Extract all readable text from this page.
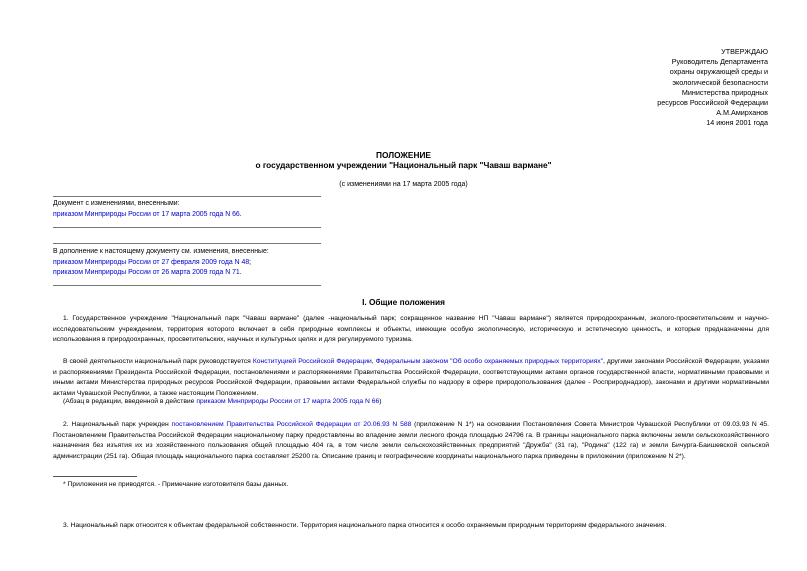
УТВЕРЖДАЮ
Руководитель Департамента
охраны окружающей среды и
экологической безопасности
Министерства природных
ресурсов Российской Федерации
А.М.Амирханов
14 июня 2001 года
ПОЛОЖЕНИЕ
о государственном учреждении "Национальный парк "Чаваш вармане"
(с изменениями на 17 марта 2005 года)
Документ с изменениями, внесенными:
приказом Минприроды России от 17 марта 2005 года N 66.
В дополнение к настоящему документу см. изменения, внесенные:
приказом Минприроды России от 27 февраля 2009 года N 48;
приказом Минприроды России от 26 марта 2009 года N 71.
I. Общие положения
1. Государственное учреждение "Национальный парк "Чаваш вармане" (далее -национальный парк; сокращенное название НП "Чаваш вармане") является природоохранным, эколого-просветительским и научно-исследовательским учреждением, территория которого включает в себя природные комплексы и объекты, имеющие особую экологическую, историческую и эстетическую ценность, и которые предназначены для использования в природоохранных, просветительских, научных и культурных целях и для регулируемого туризма.
В своей деятельности национальный парк руководствуется Конституцией Российской Федерации, Федеральным законом "Об особо охраняемых природных территориях", другими законами Российской Федерации, указами и распоряжениями Президента Российской Федерации, постановлениями и распоряжениями Правительства Российской Федерации, соответствующими актами органов государственной власти, нормативными правовыми и иными актами Министерства природных ресурсов Российской Федерации, правовыми актами Федеральной службы по надзору в сфере природопользования (далее - Росприроднадзор), законами и другими нормативными актами Чувашской Республики, а также настоящим Положением.
(Абзац в редакции, введенной в действие приказом Минприроды России от 17 марта 2005 года N 66)
2. Национальный парк учрежден постановлением Правительства Российской Федерации от 20.06.93 N 588 (приложение N 1*) на основании Постановления Совета Министров Чувашской Республики от 09.03.93 N 45. Постановлением Правительства Российской Федерации национальному парку предоставлены во владение земли лесного фонда площадью 24796 га. В границы национального парка включены земли сельскохозяйственного назначения без изъятия их из хозяйственного пользования общей площадью 404 га, в том числе земли сельскохозяйственных предприятий "Дружба" (31 га), "Родина" (122 га) и земли Бичурга-Баишевской сельской администрации (251 га). Общая площадь национального парка составляет 25200 га. Описание границ и географические координаты национального парка приведены в приложении (приложение N 2*).
* Приложения не приводятся. - Примечание изготовителя базы данных.
3. Национальный парк относится к объектам федеральной собственности. Территория национального парка относится к особо охраняемым природным территориям федерального значения.
